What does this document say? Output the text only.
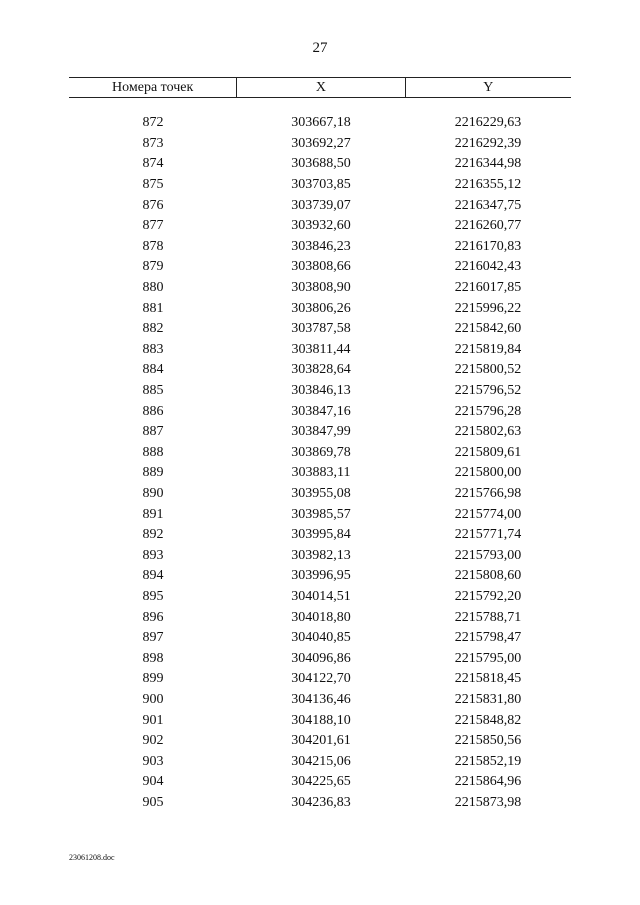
27
Номера точек	X	Y
872	303667,18	2216229,63
873	303692,27	2216292,39
874	303688,50	2216344,98
875	303703,85	2216355,12
876	303739,07	2216347,75
877	303932,60	2216260,77
878	303846,23	2216170,83
879	303808,66	2216042,43
880	303808,90	2216017,85
881	303806,26	2215996,22
882	303787,58	2215842,60
883	303811,44	2215819,84
884	303828,64	2215800,52
885	303846,13	2215796,52
886	303847,16	2215796,28
887	303847,99	2215802,63
888	303869,78	2215809,61
889	303883,11	2215800,00
890	303955,08	2215766,98
891	303985,57	2215774,00
892	303995,84	2215771,74
893	303982,13	2215793,00
894	303996,95	2215808,60
895	304014,51	2215792,20
896	304018,80	2215788,71
897	304040,85	2215798,47
898	304096,86	2215795,00
899	304122,70	2215818,45
900	304136,46	2215831,80
901	304188,10	2215848,82
902	304201,61	2215850,56
903	304215,06	2215852,19
904	304225,65	2215864,96
905	304236,83	2215873,98
23061208.doc
